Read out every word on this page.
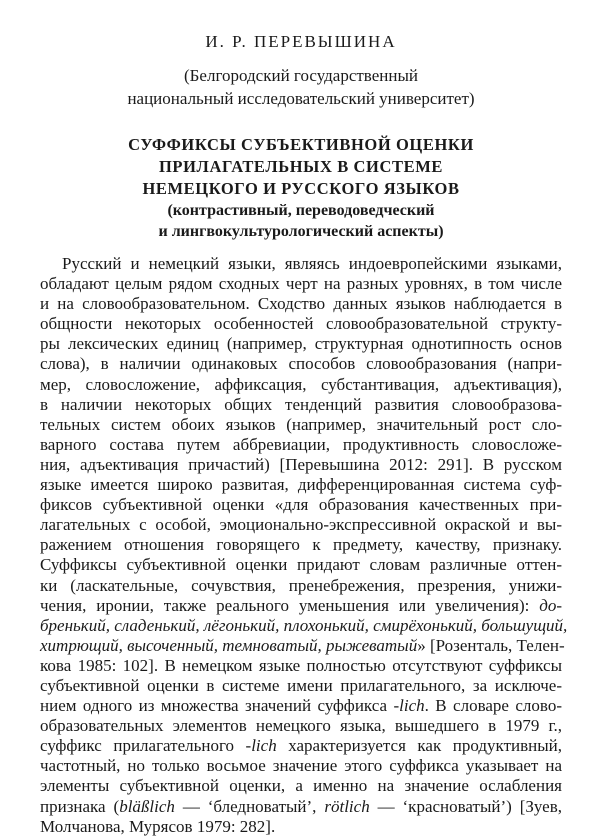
И. Р. ПЕРЕВЫШИНА

(Белгородский государственный
национальный исследовательский университет)

СУФФИКСЫ СУБЪЕКТИВНОЙ ОЦЕНКИ
ПРИЛАГАТЕЛЬНЫХ В СИСТЕМЕ
НЕМЕЦКОГО И РУССКОГО ЯЗЫКОВ

(контрастивный, переводоведческий
и лингвокультурологический аспекты)

Русский и немецкий языки, являясь индоевропейскими языками,
обладают целым рядом сходных черт на разных уровнях, в том числе
и на словообразовательном. Сходство данных языков наблюдается в
общности некоторых особенностей словообразовательной структу-
ры лексических единиц (например, структурная однотипность основ
слова), в наличии одинаковых способов словообразования (напри-
мер, словосложение, аффиксация, субстантивация, адъективация),
в наличии некоторых общих тенденций развития словообразова-
тельных систем обоих языков (например, значительный рост сло-
варного состава путем аббревиации, продуктивность словосложе-
ния, адъективация причастий) [Перевышина 2012: 291]. В русском
языке имеется широко развитая, дифференцированная система суф-
фиксов субъективной оценки «для образования качественных при-
лагательных с особой, эмоционально-экспрессивной окраской и вы-
ражением отношения говорящего к предмету, качеству, признаку.
Суффиксы субъективной оценки придают словам различные оттен-
ки (ласкательные, сочувствия, пренебрежения, презрения, унижи-
чения, иронии, также реального уменьшения или увеличения): до-
бренький, сладенький, лёгонький, плохонький, смирёхонький, большущий,
хитрющий, высоченный, темноватый, рыжеватый» [Розенталь, Телен-
кова 1985: 102]. В немецком языке полностью отсутствуют суффиксы
субъективной оценки в системе имени прилагательного, за исключе-
нием одного из множества значений суффикса -lich. В словаре слово-
образовательных элементов немецкого языка, вышедшего в 1979 г.,
суффикс прилагательного -lich характеризуется как продуктивный,
частотный, но только восьмое значение этого суффикса указывает на
элементы субъективной оценки, а именно на значение ослабления
признака (bläßlich — ‘бледноватый’, rötlich — ‘красноватый’) [Зуев,
Молчанова, Мурясов 1979: 282].
